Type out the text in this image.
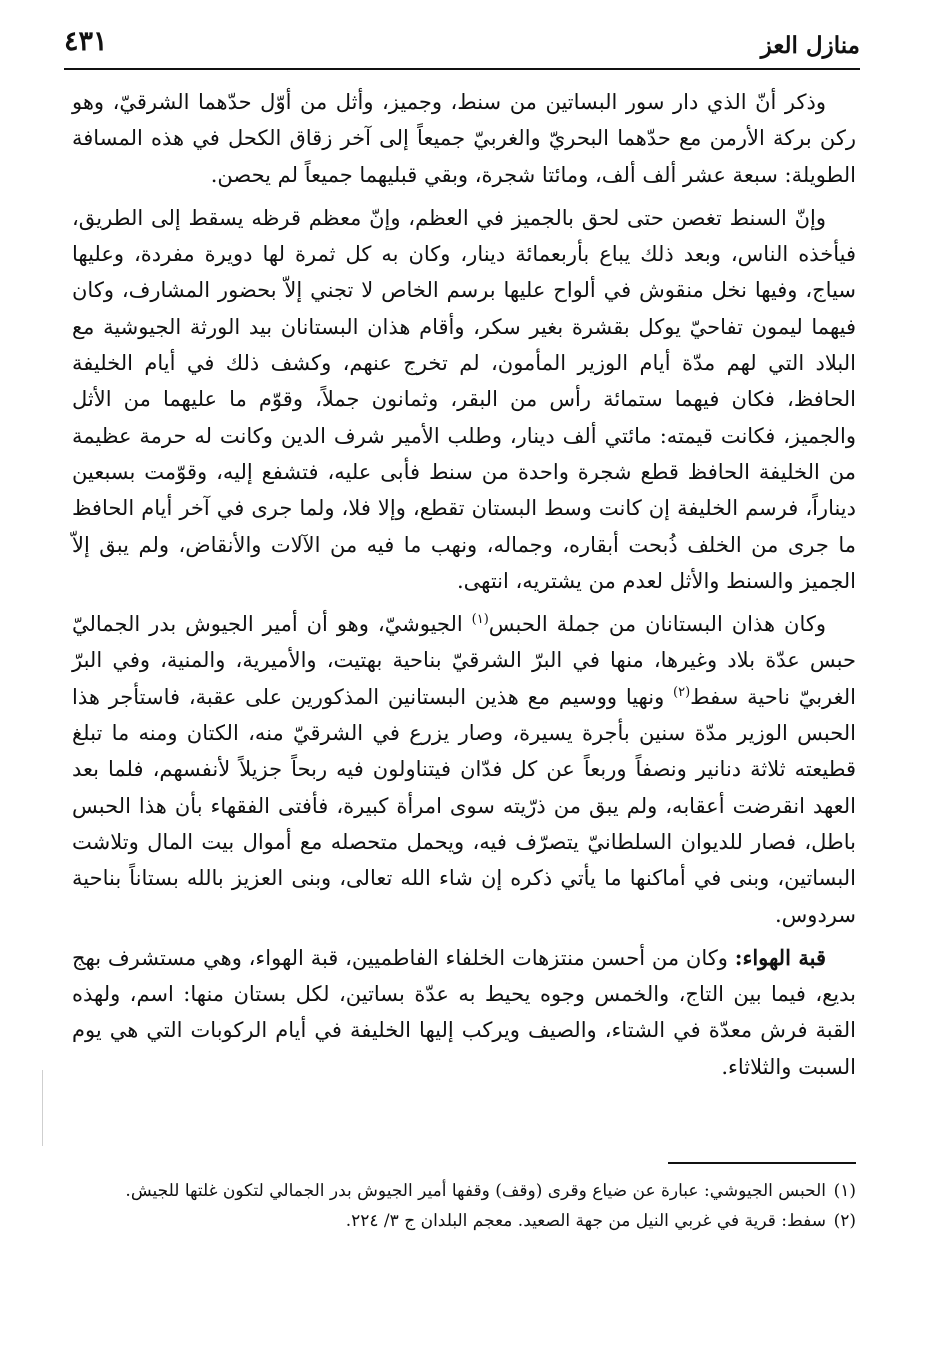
منازل العز
٤٣١

وذكر أنّ الذي دار سور البساتين من سنط، وجميز، وأثل من أوّل حدّهما الشرقيّ، وهو ركن بركة الأرمن مع حدّهما البحريّ والغربيّ جميعاً إلى آخر زقاق الكحل في هذه المسافة الطويلة: سبعة عشر ألف ألف، ومائتا شجرة، وبقي قبليهما جميعاً لم يحصن.

وإنّ السنط تغصن حتى لحق بالجميز في العظم، وإنّ معظم قرظه يسقط إلى الطريق، فيأخذه الناس، وبعد ذلك يباع بأربعمائة دينار، وكان به كل ثمرة لها دويرة مفردة، وعليها سياج، وفيها نخل منقوش في ألواح عليها برسم الخاص لا تجني إلاّ بحضور المشارف، وكان فيهما ليمون تفاحيّ يوكل بقشرة بغير سكر، وأقام هذان البستانان بيد الورثة الجيوشية مع البلاد التي لهم مدّة أيام الوزير المأمون، لم تخرج عنهم، وكشف ذلك في أيام الخليفة الحافظ، فكان فيهما ستمائة رأس من البقر، وثمانون جملاً، وقوّم ما عليهما من الأثل والجميز، فكانت قيمته: مائتي ألف دينار، وطلب الأمير شرف الدين وكانت له حرمة عظيمة من الخليفة الحافظ قطع شجرة واحدة من سنط فأبى عليه، فتشفع إليه، وقوّمت بسبعين ديناراً، فرسم الخليفة إن كانت وسط البستان تقطع، وإلا فلا، ولما جرى في آخر أيام الحافظ ما جرى من الخلف ذُبحت أبقاره، وجماله، ونهب ما فيه من الآلات والأنقاض، ولم يبق إلاّ الجميز والسنط والأثل لعدم من يشتريه، انتهى.

وكان هذان البستانان من جملة الحبس$^{(١)}$ الجيوشيّ، وهو أن أمير الجيوش بدر الجماليّ حبس عدّة بلاد وغيرها، منها في البرّ الشرقيّ بناحية بهتيت، والأميرية، والمنية، وفي البرّ الغربيّ ناحية سفط$^{(٢)}$ ونهيا ووسيم مع هذين البستانين المذكورين على عقبة، فاستأجر هذا الحبس الوزير مدّة سنين بأجرة يسيرة، وصار يزرع في الشرقيّ منه، الكتان ومنه ما تبلغ قطيعته ثلاثة دنانير ونصفاً وربعاً عن كل فدّان فيتناولون فيه ربحاً جزيلاً لأنفسهم، فلما بعد العهد انقرضت أعقابه، ولم يبق من ذرّيته سوى امرأة كبيرة، فأفتى الفقهاء بأن هذا الحبس باطل، فصار للديوان السلطانيّ يتصرّف فيه، ويحمل متحصله مع أموال بيت المال وتلاشت البساتين، وبنى في أماكنها ما يأتي ذكره إن شاء الله تعالى، وبنى العزيز بالله بستاناً بناحية سردوس.

قبة الهواء: وكان من أحسن منتزهات الخلفاء الفاطميين، قبة الهواء، وهي مستشرف بهج بديع، فيما بين التاج، والخمس وجوه يحيط به عدّة بساتين، لكل بستان منها: اسم، ولهذه القبة فرش معدّة في الشتاء، والصيف ويركب إليها الخليفة في أيام الركوبات التي هي يوم السبت والثلاثاء.

(١)الحبس الجيوشي: عبارة عن ضياع وقرى (وقف) وقفها أمير الجيوش بدر الجمالي لتكون غلتها للجيش.

(٢)سفط: قرية في غربي النيل من جهة الصعيد. معجم البلدان ج ٣/ ٢٢٤.
